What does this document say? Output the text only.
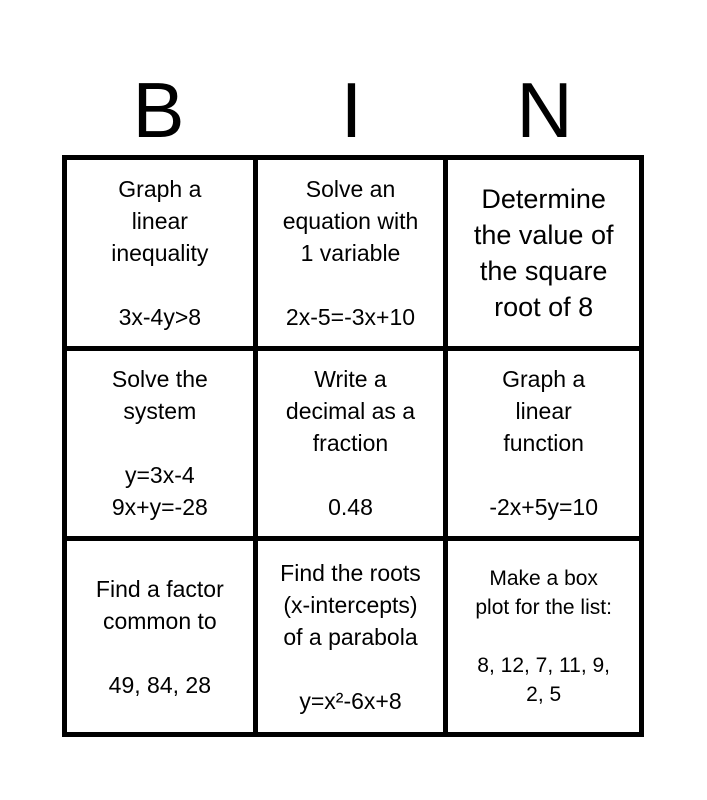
B	I	N
Graph a
linear
inequality
3x-4y>8
Solve an
equation with
1 variable
2x-5=-3x+10
Determine
the value of
the square
root of 8
Solve the
system
y=3x-4
9x+y=-28
Write a
decimal as a
fraction
0.48
Graph a
linear
function
-2x+5y=10
Find a factor
common to
49, 84, 28
Find the roots
(x-intercepts)
of a parabola
y=x²-6x+8
Make a box
plot for the list:
8, 12, 7, 11, 9,
2, 5
